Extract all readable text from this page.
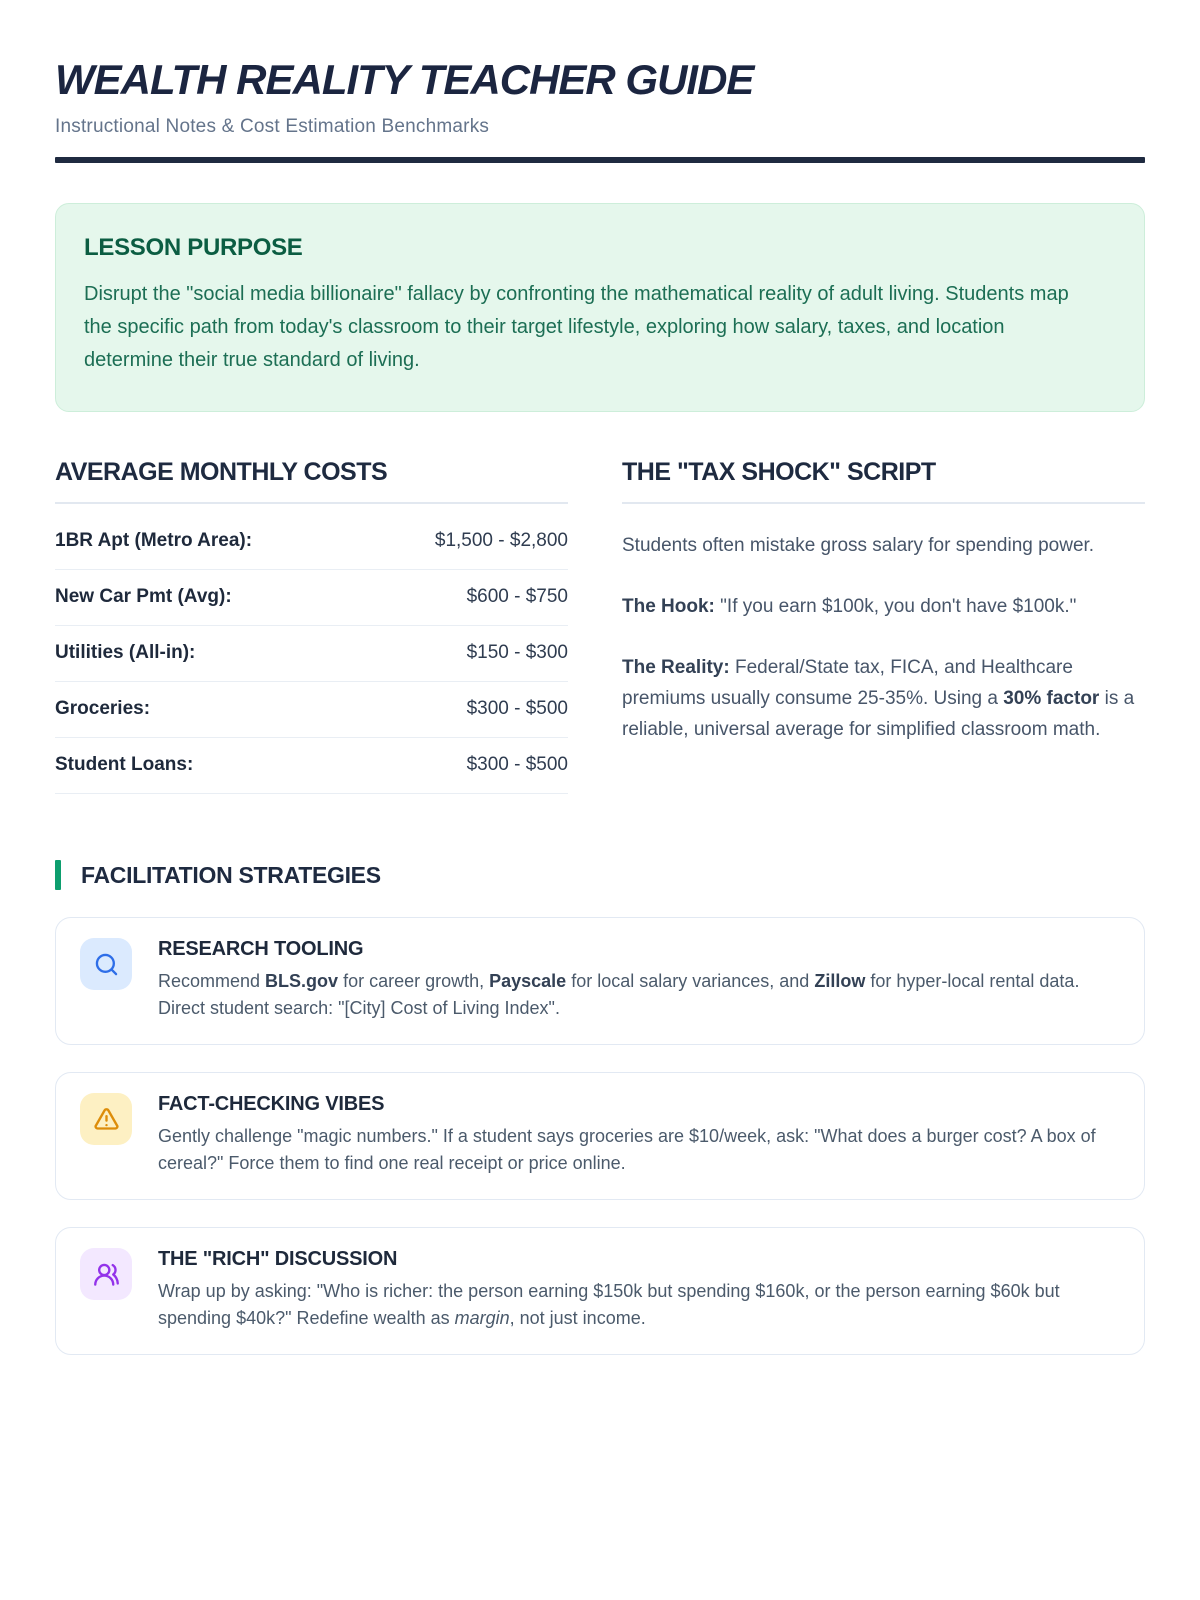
WEALTH REALITY TEACHER GUIDE

Instructional Notes & Cost Estimation Benchmarks

LESSON PURPOSE

Disrupt the "social media billionaire" fallacy by confronting the mathematical reality of adult living. Students map the specific path from today's classroom to their target lifestyle, exploring how salary, taxes, and location determine their true standard of living.

AVERAGE MONTHLY COSTS
1BR Apt (Metro Area):	$1,500 - $2,800
New Car Pmt (Avg):	$600 - $750
Utilities (All-in):	$150 - $300
Groceries:	$300 - $500
Student Loans:	$300 - $500
THE "TAX SHOCK" SCRIPT

Students often mistake gross salary for spending power.

The Hook: "If you earn $100k, you don't have $100k."

The Reality: Federal/State tax, FICA, and Healthcare premiums usually consume 25-35%. Using a 30% factor is a reliable, universal average for simplified classroom math.

FACILITATION STRATEGIES
RESEARCH TOOLING
Recommend BLS.gov for career growth, Payscale for local salary variances, and Zillow for hyper-local rental data. Direct student search: "[City] Cost of Living Index".
FACT-CHECKING VIBES
Gently challenge "magic numbers." If a student says groceries are $10/week, ask: "What does a burger cost? A box of cereal?" Force them to find one real receipt or price online.
THE "RICH" DISCUSSION
Wrap up by asking: "Who is richer: the person earning $150k but spending $160k, or the person earning $60k but spending $40k?" Redefine wealth as margin, not just income.
